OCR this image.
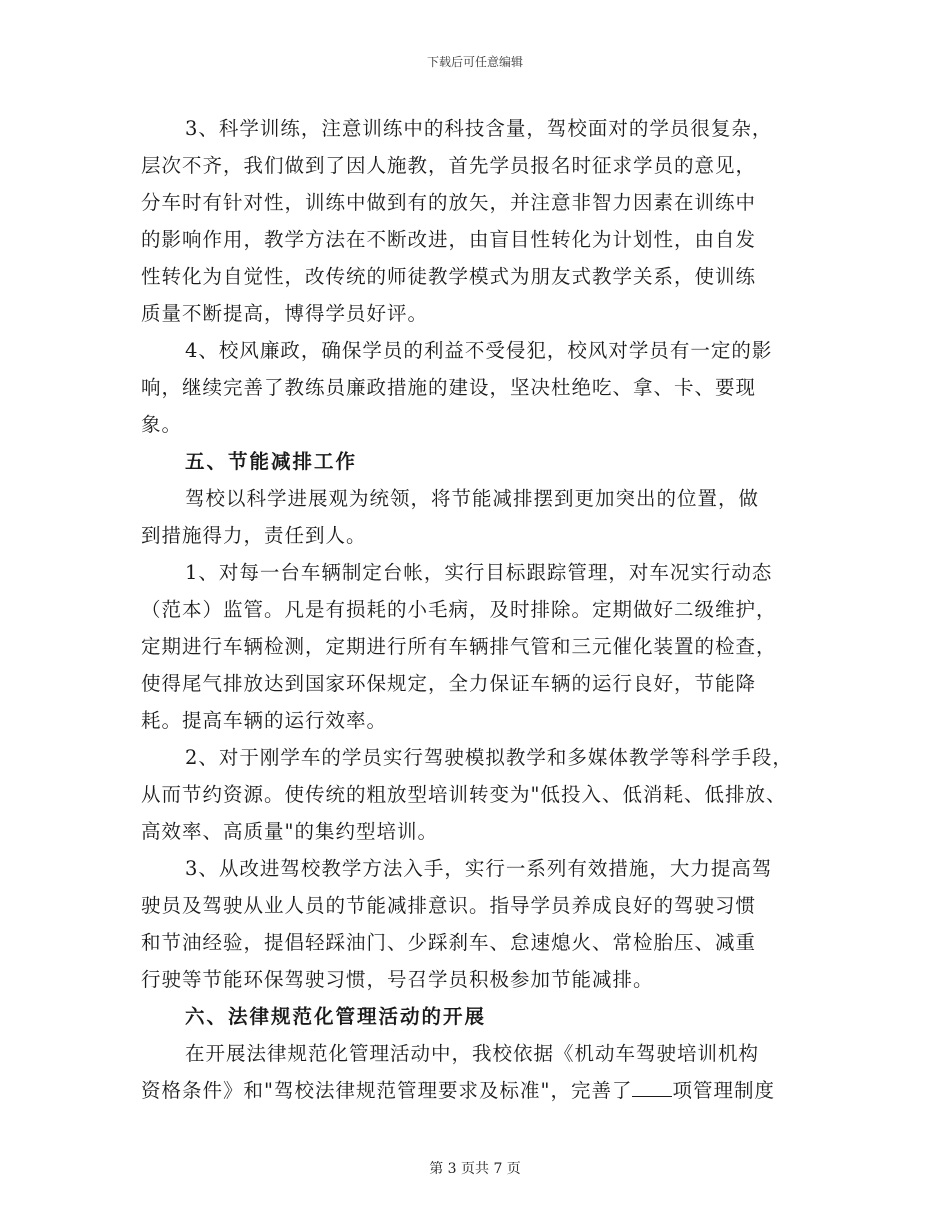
下载后可任意编辑
3、科学训练，注意训练中的科技含量，驾校面对的学员很复杂，
层次不齐，我们做到了因人施教，首先学员报名时征求学员的意见，
分车时有针对性，训练中做到有的放矢，并注意非智力因素在训练中
的影响作用，教学方法在不断改进，由盲目性转化为计划性，由自发
性转化为自觉性，改传统的师徒教学模式为朋友式教学关系，使训练
质量不断提高，博得学员好评。
4、校风廉政，确保学员的利益不受侵犯，校风对学员有一定的影
响，继续完善了教练员廉政措施的建设，坚决杜绝吃、拿、卡、要现
象。
五、节能减排工作
驾校以科学进展观为统领，将节能减排摆到更加突出的位置，做
到措施得力，责任到人。
1、对每一台车辆制定台帐，实行目标跟踪管理，对车况实行动态
（范本）监管。凡是有损耗的小毛病，及时排除。定期做好二级维护，
定期进行车辆检测，定期进行所有车辆排气管和三元催化装置的检查，
使得尾气排放达到国家环保规定，全力保证车辆的运行良好，节能降
耗。提高车辆的运行效率。
2、对于刚学车的学员实行驾驶模拟教学和多媒体教学等科学手段，
从而节约资源。使传统的粗放型培训转变为"低投入、低消耗、低排放、
高效率、高质量"的集约型培训。
3、从改进驾校教学方法入手，实行一系列有效措施，大力提高驾
驶员及驾驶从业人员的节能减排意识。指导学员养成良好的驾驶习惯
和节油经验，提倡轻踩油门、少踩刹车、怠速熄火、常检胎压、减重
行驶等节能环保驾驶习惯，号召学员积极参加节能减排。
六、法律规范化管理活动的开展
在开展法律规范化管理活动中，我校依据《机动车驾驶培训机构
资格条件》和"驾校法律规范管理要求及标准"，完善了 项管理制度
第 3 页共 7 页
